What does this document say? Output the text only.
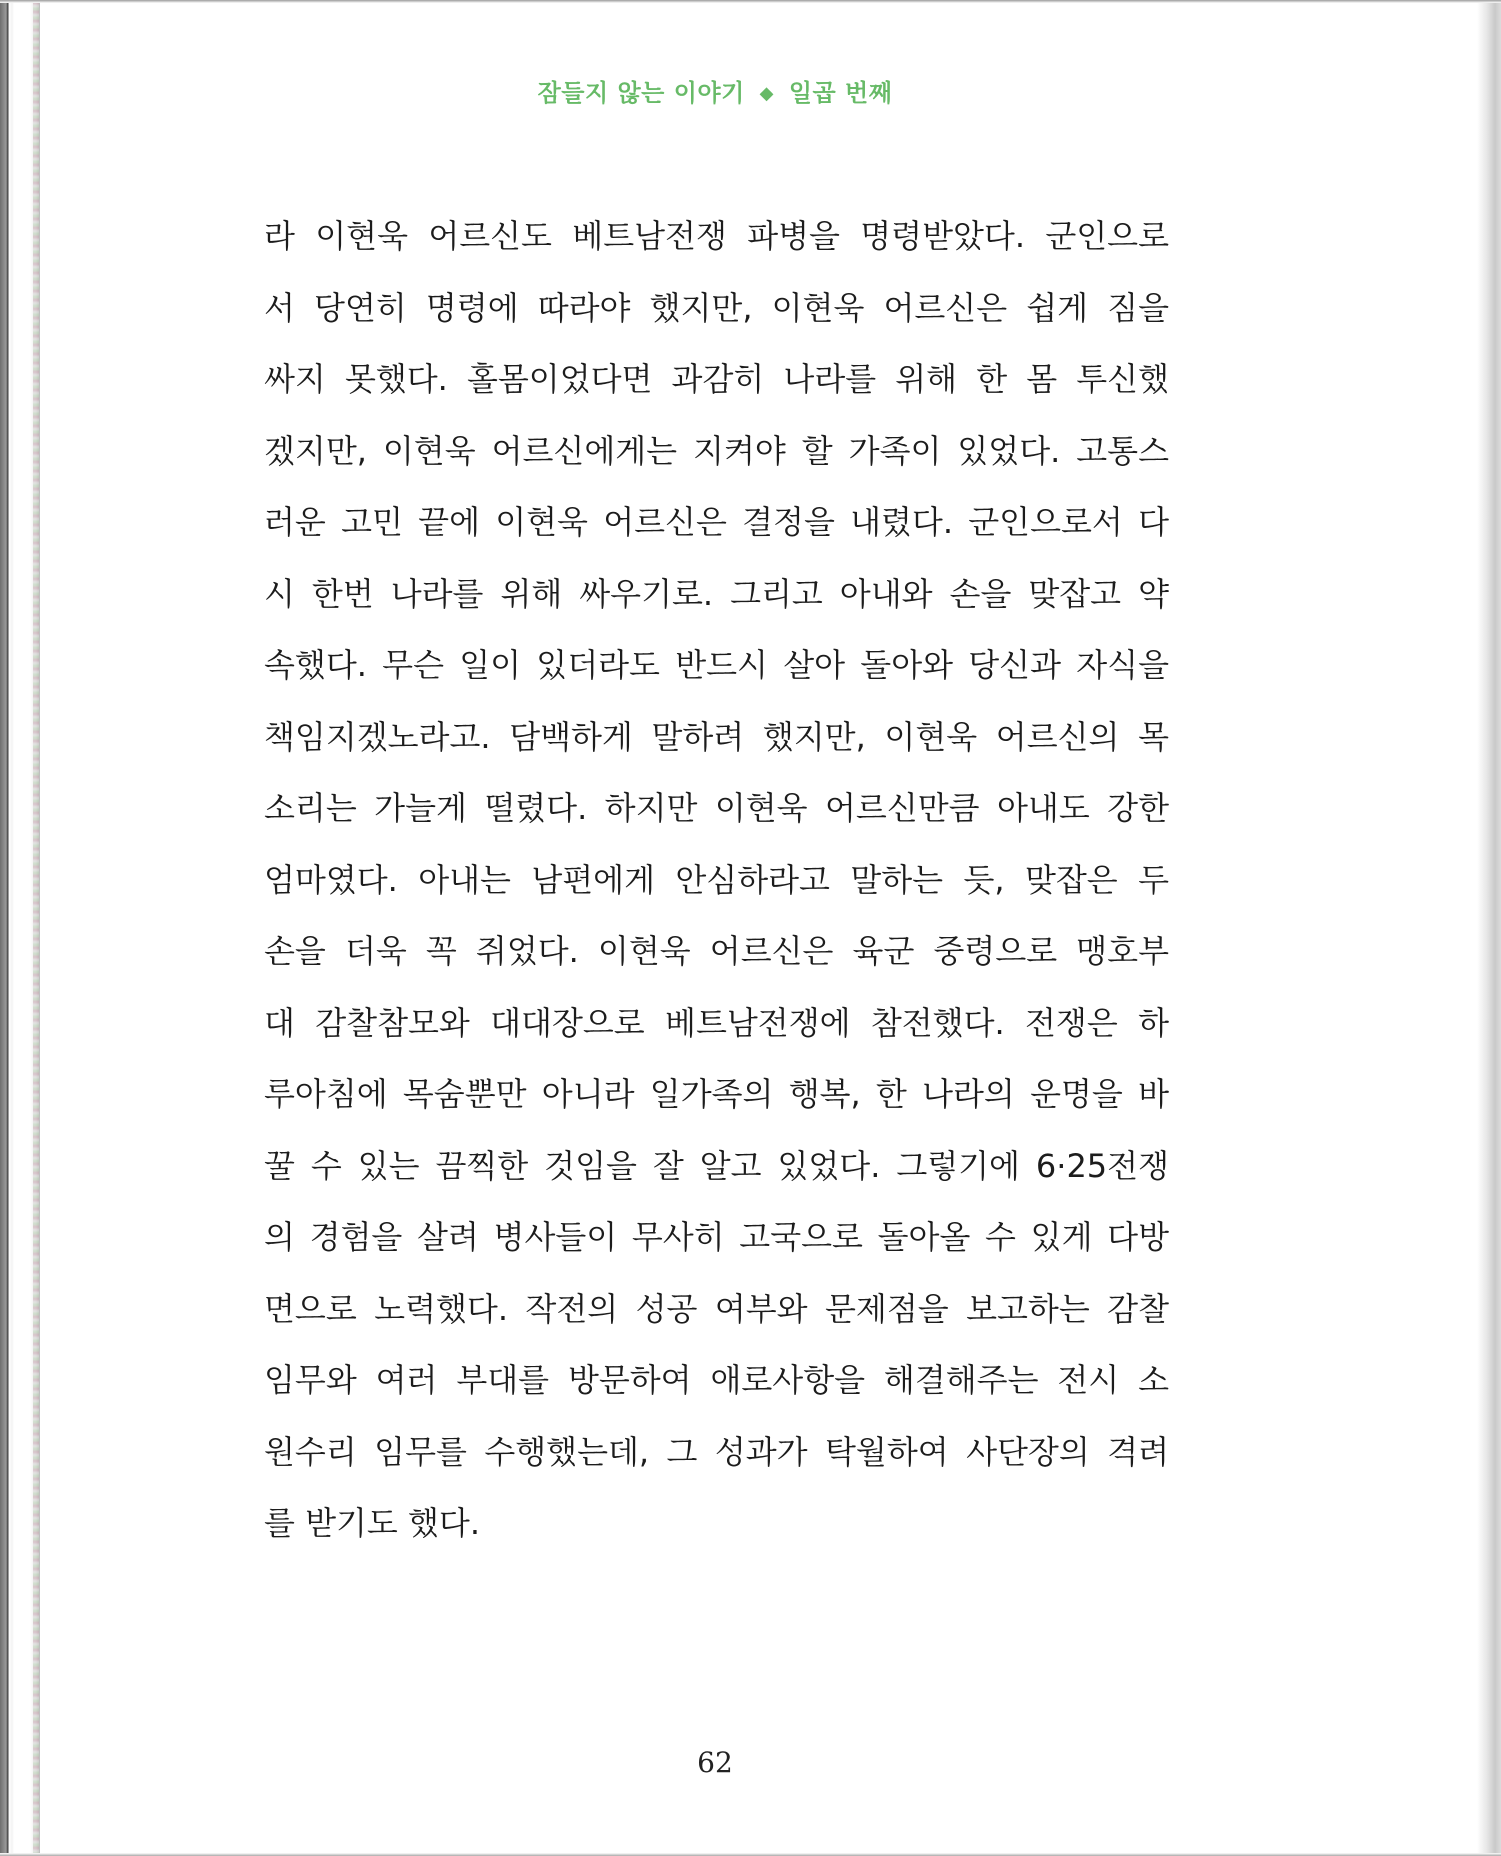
잠들지 않는 이야기 ◆ 일곱 번째
라 이현욱 어르신도 베트남전쟁 파병을 명령받았다. 군인으로
서 당연히 명령에 따라야 했지만, 이현욱 어르신은 쉽게 짐을
싸지 못했다. 홀몸이었다면 과감히 나라를 위해 한 몸 투신했
겠지만, 이현욱 어르신에게는 지켜야 할 가족이 있었다. 고통스
러운 고민 끝에 이현욱 어르신은 결정을 내렸다. 군인으로서 다
시 한번 나라를 위해 싸우기로. 그리고 아내와 손을 맞잡고 약
속했다. 무슨 일이 있더라도 반드시 살아 돌아와 당신과 자식을
책임지겠노라고. 담백하게 말하려 했지만, 이현욱 어르신의 목
소리는 가늘게 떨렸다. 하지만 이현욱 어르신만큼 아내도 강한
엄마였다. 아내는 남편에게 안심하라고 말하는 듯, 맞잡은 두
손을 더욱 꼭 쥐었다. 이현욱 어르신은 육군 중령으로 맹호부
대 감찰참모와 대대장으로 베트남전쟁에 참전했다. 전쟁은 하
루아침에 목숨뿐만 아니라 일가족의 행복, 한 나라의 운명을 바
꿀 수 있는 끔찍한 것임을 잘 알고 있었다. 그렇기에 6·25전쟁
의 경험을 살려 병사들이 무사히 고국으로 돌아올 수 있게 다방
면으로 노력했다. 작전의 성공 여부와 문제점을 보고하는 감찰
임무와 여러 부대를 방문하여 애로사항을 해결해주는 전시 소
원수리 임무를 수행했는데, 그 성과가 탁월하여 사단장의 격려
를 받기도 했다.
62
